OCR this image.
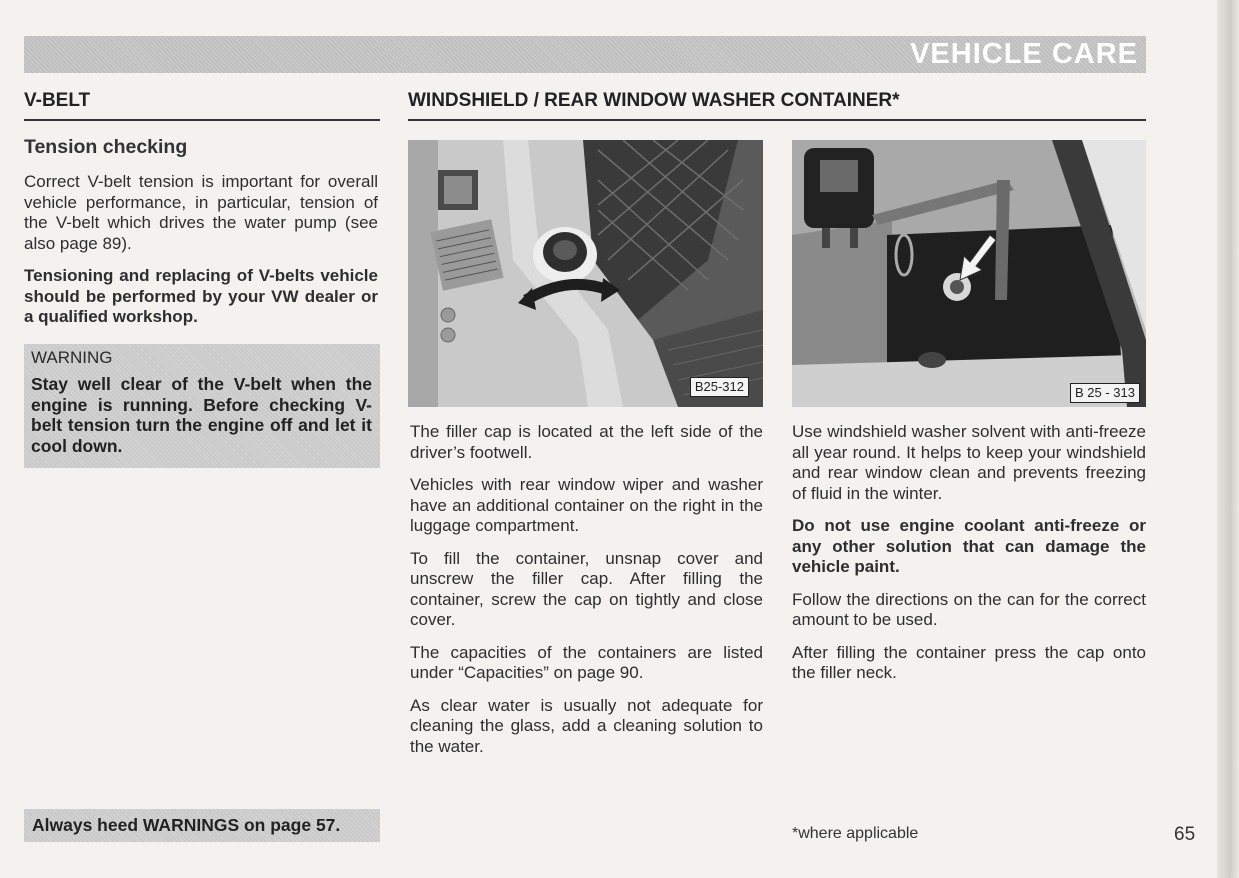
VEHICLE CARE
V-BELT
Tension checking

Correct V-belt tension is important for overall vehicle performance, in particular, tension of the V-belt which drives the water pump (see also page 89).

Tensioning and replacing of V-belts vehicle should be performed by your VW dealer or a qualified workshop.

WARNING

Stay well clear of the V-belt when the engine is running. Before checking V-belt tension turn the engine off and let it cool down.

Always heed WARNINGS on page 57.
WINDSHIELD / REAR WINDOW WASHER CONTAINER*
B25-312	B 25 - 313

The filler cap is located at the left side of the driver’s footwell.

Vehicles with rear window wiper and washer have an additional container on the right in the luggage compartment.

To fill the container, unsnap cover and unscrew the filler cap. After filling the container, screw the cap on tightly and close cover.

The capacities of the containers are listed under “Capacities” on page 90.

As clear water is usually not adequate for cleaning the glass, add a cleaning solution to the water.

Use windshield washer solvent with anti-freeze all year round. It helps to keep your windshield and rear window clean and prevents freezing of fluid in the winter.

Do not use engine coolant anti-freeze or any other solution that can damage the vehicle paint.

Follow the directions on the can for the correct amount to be used.

After filling the container press the cap onto the filler neck.

*where applicable	65
